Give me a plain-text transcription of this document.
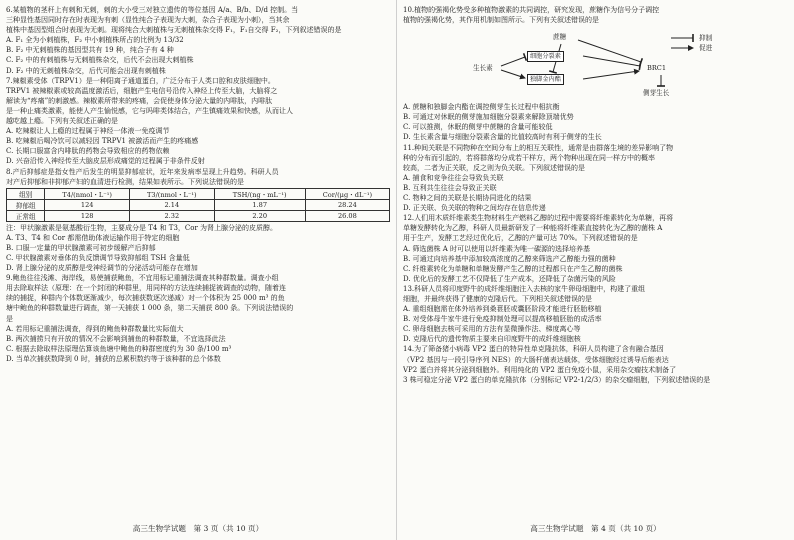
6.某植物的茎秆上有刺和无刺，刺的大小受三对独立遗传的等位基因 A/a、B/b、D/d 控制。当
三种显性基因同时存在时表现为有刺（显性纯合子表现为大刺，杂合子表现为小刺），当其余
植株中基因型组合时表现为无刺。现将纯合大刺植株与无刺植株杂交得 F₁，F₁自交得 F₂，下列叙述错误的是
A. F₁ 全为小刺植株，F₂ 中小刺植株所占的比例为 13/32
B. F₂ 中无刺植株的基因型共有 19 种，纯合子有 4 种
C. F₂ 中的有刺植株与无刺植株杂交，后代不会出现大刺植株
D. F₂ 中的无刺植株杂交，后代可能会出现有刺植株
7.辣椒素受体（TRPV1）是一种阳离子通道蛋白，广泛分布于人类口腔和皮肤细胞中。
TRPV1 被辣椒素或较高温度激活后，细胞产生电信号沿传入神经上传至大脑，大脑将之
解读为“疼痛”的刺激感。辣椒素所带来的疼痛，会促使身体分泌大量的内啡肽，内啡肽
是一种止痛类激素，能使人产生愉悦感，它与吗啡类体结合，产生镇痛效果和快感，从而让人
越吃越上瘾。下列有关叙述正确的是
A. 吃辣椒让人上瘾的过程属于神经一体液一免疫调节
B. 吃辣椒后喝冷饮可以减轻因 TRPV1 被激活而产生的疼痛感
C. 长期口服富含内啡肽的药物会导致相应的药物依赖
D. 兴奋沿传入神经传至大脑皮层形成痛觉的过程属于非条件反射
8.产后抑郁症是指女性产后发生的明显抑郁症状，近年来发病率呈现上升趋势。科研人员
对产后抑郁和非抑郁产妇的血清进行检测，结果如表所示。下列说法错误的是
组别	T4/(nmol・L⁻¹)	T3/(nmol・L⁻¹)	TSH/(ng・mL⁻¹)	Cor/(μg・dL⁻¹)
抑郁组	124	2.14	1.87	28.24
正常组	128	2.32	2.20	26.08
注：甲状腺激素是氨基酸衍生物，主要成分是 T4 和 T3，Cor 为肾上腺分泌的皮质醇。
A. T3、T4 和 Cor 都需借助体液运输作用于特定的细胞
B. 口服一定量的甲状腺激素可初步缓解产后抑郁
C. 甲状腺激素对垂体的负反馈调节导致抑郁组 TSH 含量低
D. 肾上腺分泌的皮质醇是受神经调节的分泌活动可能存在增加
9.鲍鱼往往浅滩、海岸线，易使捕获鲍鱼，不宜用标记重捕法调查其种群数量。调查小组
用去除取样法（原理：在一个封闭的种群里，用同样的方法连续捕捉被调查的动物，随着连
续的捕捉，种群内个体数逐渐减少，每次捕获数逐次递减）对一个体积为 25 000 m³ 的鱼
塘中鲍鱼的种群数量进行调查，第一天捕获 1 000 条，第二天捕获 800 条。下列说法错误的
是
A. 若用标记重捕法调查，得到的鲍鱼种群数量比实际值大
B. 两次捕捞只有开放的情况不会影响到捕鱼的种群数量，不宜选择此法
C. 根据去除取样法原理估算该鱼塘中鲍鱼的种群密度约为 30 条/100 m³
D. 当单次捕获数降到 0 时，捕获的总累积数约等于该种群的总个体数
高三生物学试题　第 3 页（共 10 页）
10.植物的强褐化势受多种植物激素的共同调控，研究发现，蔗糖作为信号分子调控
植物的强褐化势，其作用机制如图所示。下列有关叙述错误的是
生长素
蔗糖
细胞分裂素
独脚金内酯
BRC1
侧芽生长
抑制
促进
A. 蔗糖和独脚金内酯在调控侧芽生长过程中相抗衡
B. 可通过对休眠的侧芽施加细胞分裂素来解除顶端优势
C. 可以推测，休眠的侧芽中蔗糖的含量可能较低
D. 生长素含量与细胞分裂素含量的比值较高时有利于侧芽的生长
11.种间关联是不同物种在空间分布上的相互关联性，通常是由群落生境的差异影响了物
种的分布而引起的，若将群落均分成若干样方，两个物种出现在同一样方中的概率
较高，二者为正关联，反之则为负关联。下列叙述错误的是
A. 捕食和竞争往往会导致负关联
B. 互利共生往往会导致正关联
C. 物种之间的关联是长期协同进化的结果
D. 正关联、负关联的物种之间均存在信息传递
12.人们用木质纤维素类生物材料生产燃料乙醇的过程中需要将纤维素转化为单糖，再将
单糖发酵转化为乙醇，科研人员最新研发了一种能将纤维素直接转化为乙醇的菌株 A
用于生产，发酵工艺经过优化后，乙醇的产量可达 70%。下列叙述错误的是
A. 筛选菌株 A 时可以使用以纤维素为唯一碳源的选择培养基
B. 可通过向培养基中添加较高浓度的乙醇来筛选产乙醇能力强的菌种
C. 纤维素转化为单糖和单糖发酵产生乙醇的过程都只在产生乙醇的菌株
D. 优化后的发酵工艺不仅降低了生产成本，还降低了杂菌污染的风险
13.科研人员将印度野牛的成纤维细胞注入去核的家牛卵母细胞中，构建了重组
细胞，并最终获得了健康的克隆后代。下列相关叙述错误的是
A. 重组细胞需在体外培养到桑葚胚或囊胚阶段才能进行胚胎移植
B. 对受体母牛家牛进行免疫抑制处理可以提高移植胚胎的成活率
C. 卵母细胞去核可采用的方法有显微操作法、梯度离心等
D. 克隆后代的遗传物质主要来自印度野牛的成纤维细胞核
14.为了筛备猪小病毒 VP2 蛋白的特异性单克隆抗体，科研人员构建了含有融合基因
（VP2 基因与一段引导序列 NES）的大肠杆菌表达载体，受体细胞经过诱导后能表达
VP2 蛋白并将其分泌到细胞外。利用纯化的 VP2 蛋白免疫小鼠，采用杂交瘤技术制备了
3 株可稳定分泌 VP2 蛋白的单克隆抗体（分别标记 VP2-1/2/3）的杂交瘤细胞，下列叙述错误的是
高三生物学试题　第 4 页（共 10 页）
